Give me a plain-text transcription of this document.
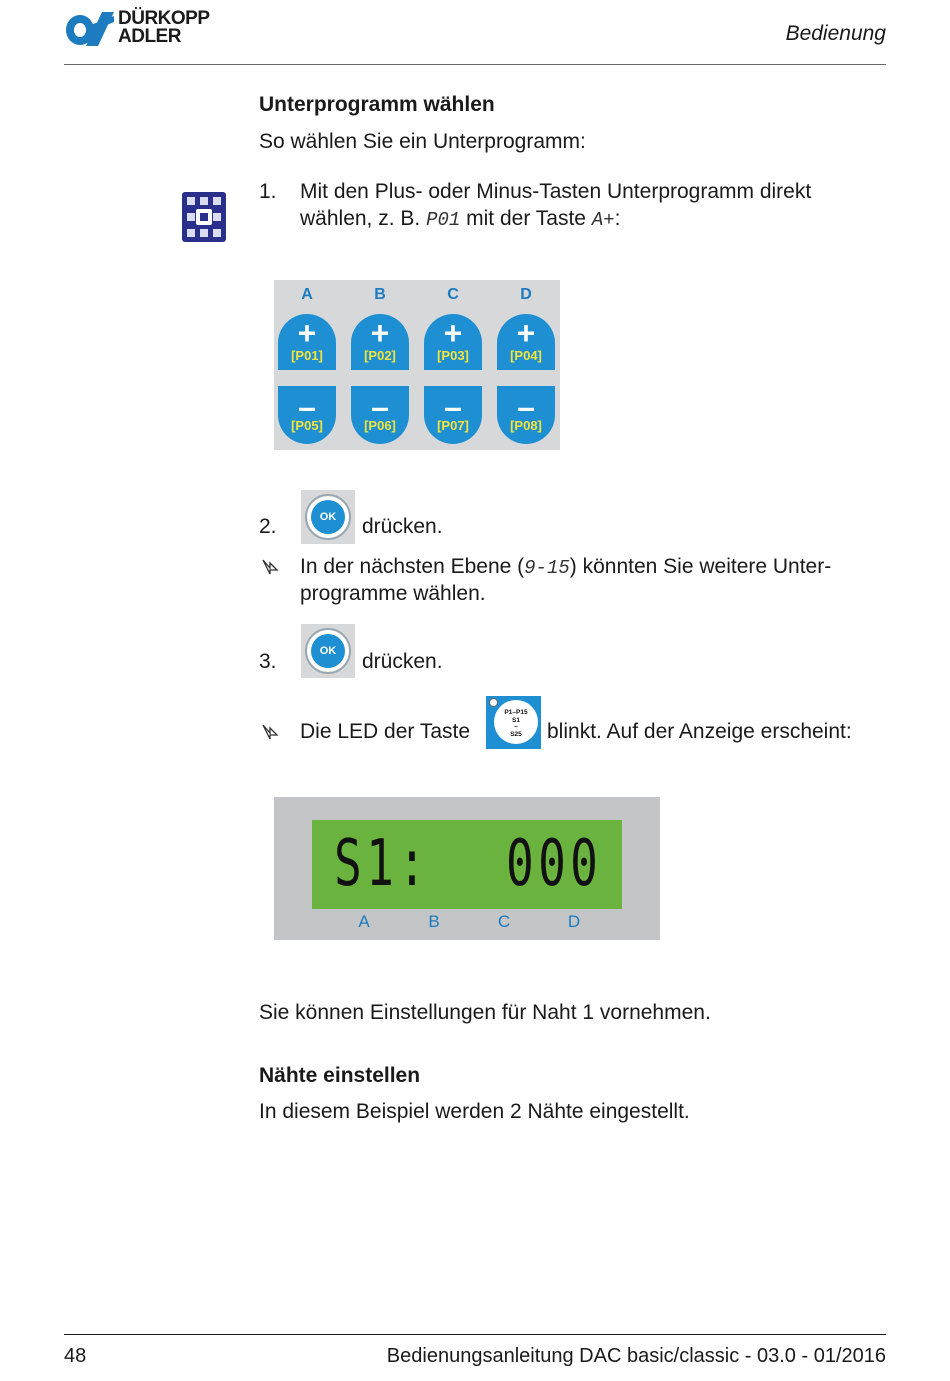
DÜRKOPP
ADLER	Bedienung
Unterprogramm wählen
So wählen Sie ein Unterprogramm:
1. Mit den Plus- oder Minus-Tasten Unterprogramm direkt
wählen, z. B. P01 mit der Taste A+:
A	B	C	D
+
[P01]
+
[P02]
+
[P03]
+
[P04]
–
[P05]
–
[P06]
–
[P07]
–
[P08]
2.	OK	drücken.
In der nächsten Ebene (9-15) könnten Sie weitere Unter-
programme wählen.
3.	OK	drücken.
Die LED der Taste
P1–P15
S1
~
S25	blinkt. Auf der Anzeige erscheint:
S1: 000
A	B	C	D
Sie können Einstellungen für Naht 1 vornehmen.
Nähte einstellen
In diesem Beispiel werden 2 Nähte eingestellt.
48	Bedienungsanleitung DAC basic/classic - 03.0 - 01/2016
